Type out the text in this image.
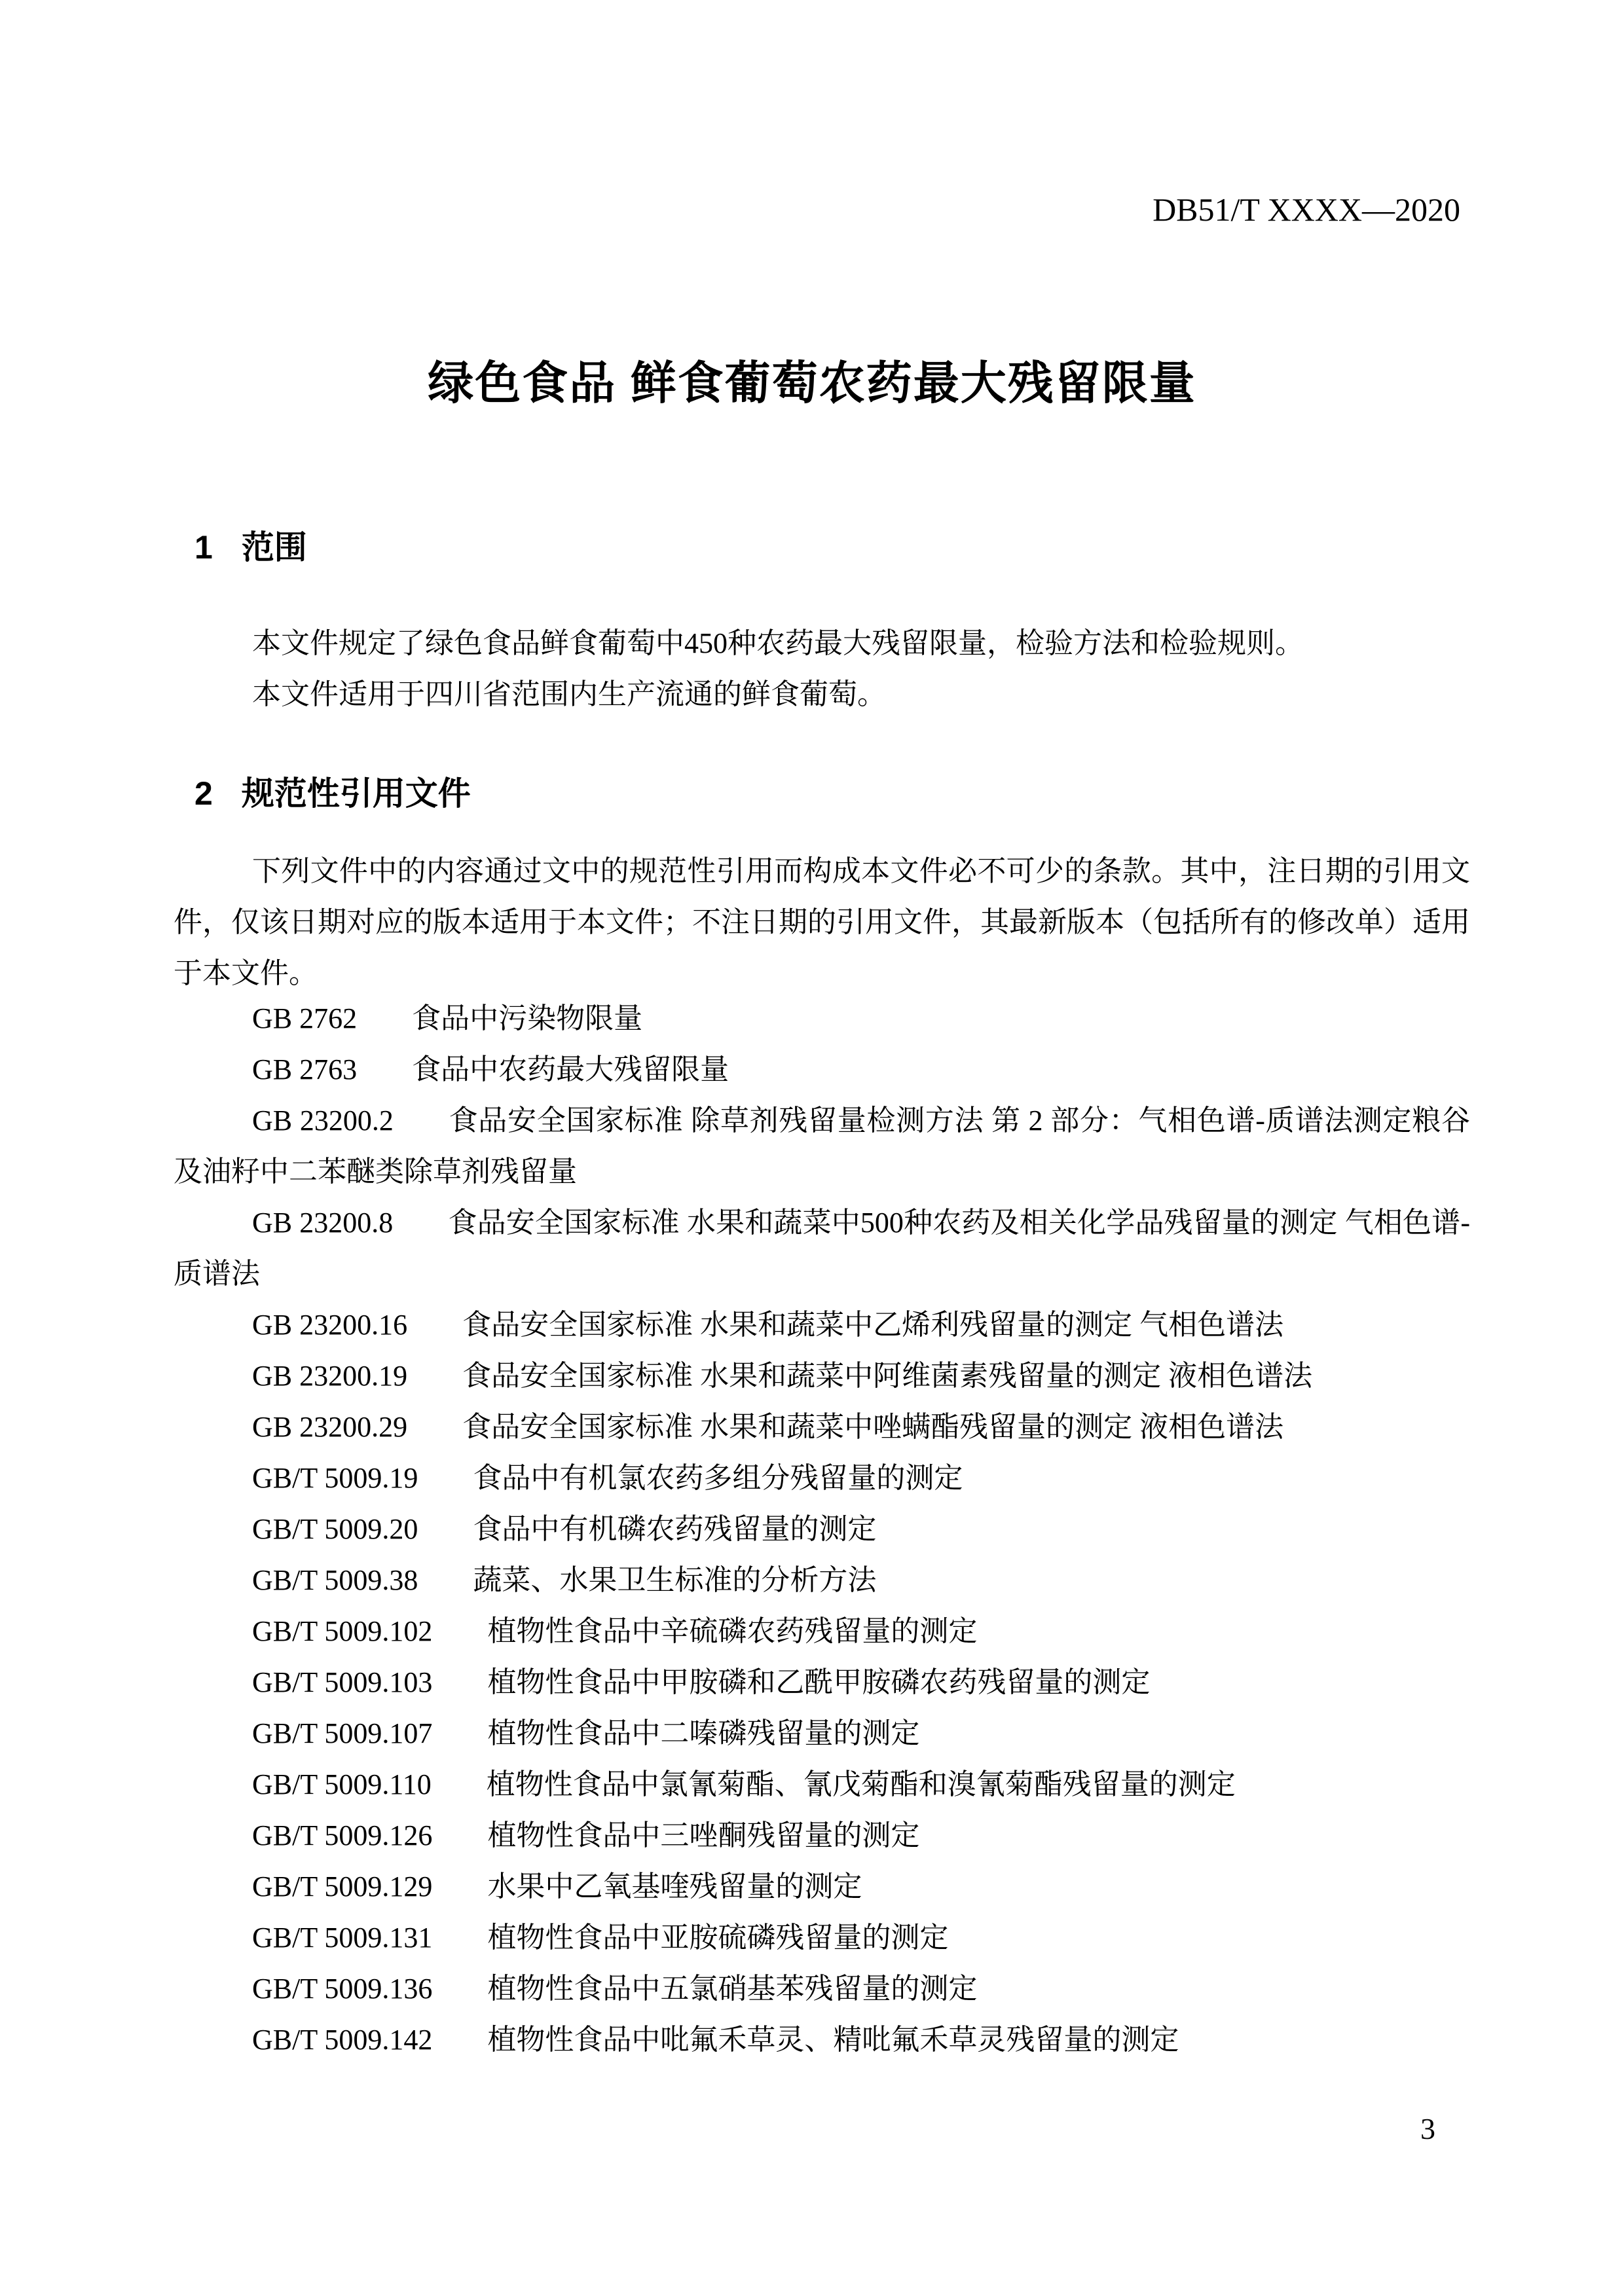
DB51/T XXXX—2020
绿色食品 鲜食葡萄农药最大残留限量
1 范围

本文件规定了绿色食品鲜食葡萄中450种农药最大残留限量，检验方法和检验规则。

本文件适用于四川省范围内生产流通的鲜食葡萄。

2 规范性引用文件

下列文件中的内容通过文中的规范性引用而构成本文件必不可少的条款。其中，注日期的引用文件，仅该日期对应的版本适用于本文件；不注日期的引用文件，其最新版本（包括所有的修改单）适用于本文件。

GB 2762 食品中污染物限量

GB 2763 食品中农药最大残留限量

GB 23200.2 食品安全国家标准 除草剂残留量检测方法 第 2 部分：气相色谱-质谱法测定粮谷及油籽中二苯醚类除草剂残留量

GB 23200.8 食品安全国家标准 水果和蔬菜中500种农药及相关化学品残留量的测定 气相色谱-质谱法

GB 23200.16 食品安全国家标准 水果和蔬菜中乙烯利残留量的测定 气相色谱法

GB 23200.19 食品安全国家标准 水果和蔬菜中阿维菌素残留量的测定 液相色谱法

GB 23200.29 食品安全国家标准 水果和蔬菜中唑螨酯残留量的测定 液相色谱法

GB/T 5009.19 食品中有机氯农药多组分残留量的测定

GB/T 5009.20 食品中有机磷农药残留量的测定

GB/T 5009.38 蔬菜、水果卫生标准的分析方法

GB/T 5009.102 植物性食品中辛硫磷农药残留量的测定

GB/T 5009.103 植物性食品中甲胺磷和乙酰甲胺磷农药残留量的测定

GB/T 5009.107 植物性食品中二嗪磷残留量的测定

GB/T 5009.110 植物性食品中氯氰菊酯、氰戊菊酯和溴氰菊酯残留量的测定

GB/T 5009.126 植物性食品中三唑酮残留量的测定

GB/T 5009.129 水果中乙氧基喹残留量的测定

GB/T 5009.131 植物性食品中亚胺硫磷残留量的测定

GB/T 5009.136 植物性食品中五氯硝基苯残留量的测定

GB/T 5009.142 植物性食品中吡氟禾草灵、精吡氟禾草灵残留量的测定

3
